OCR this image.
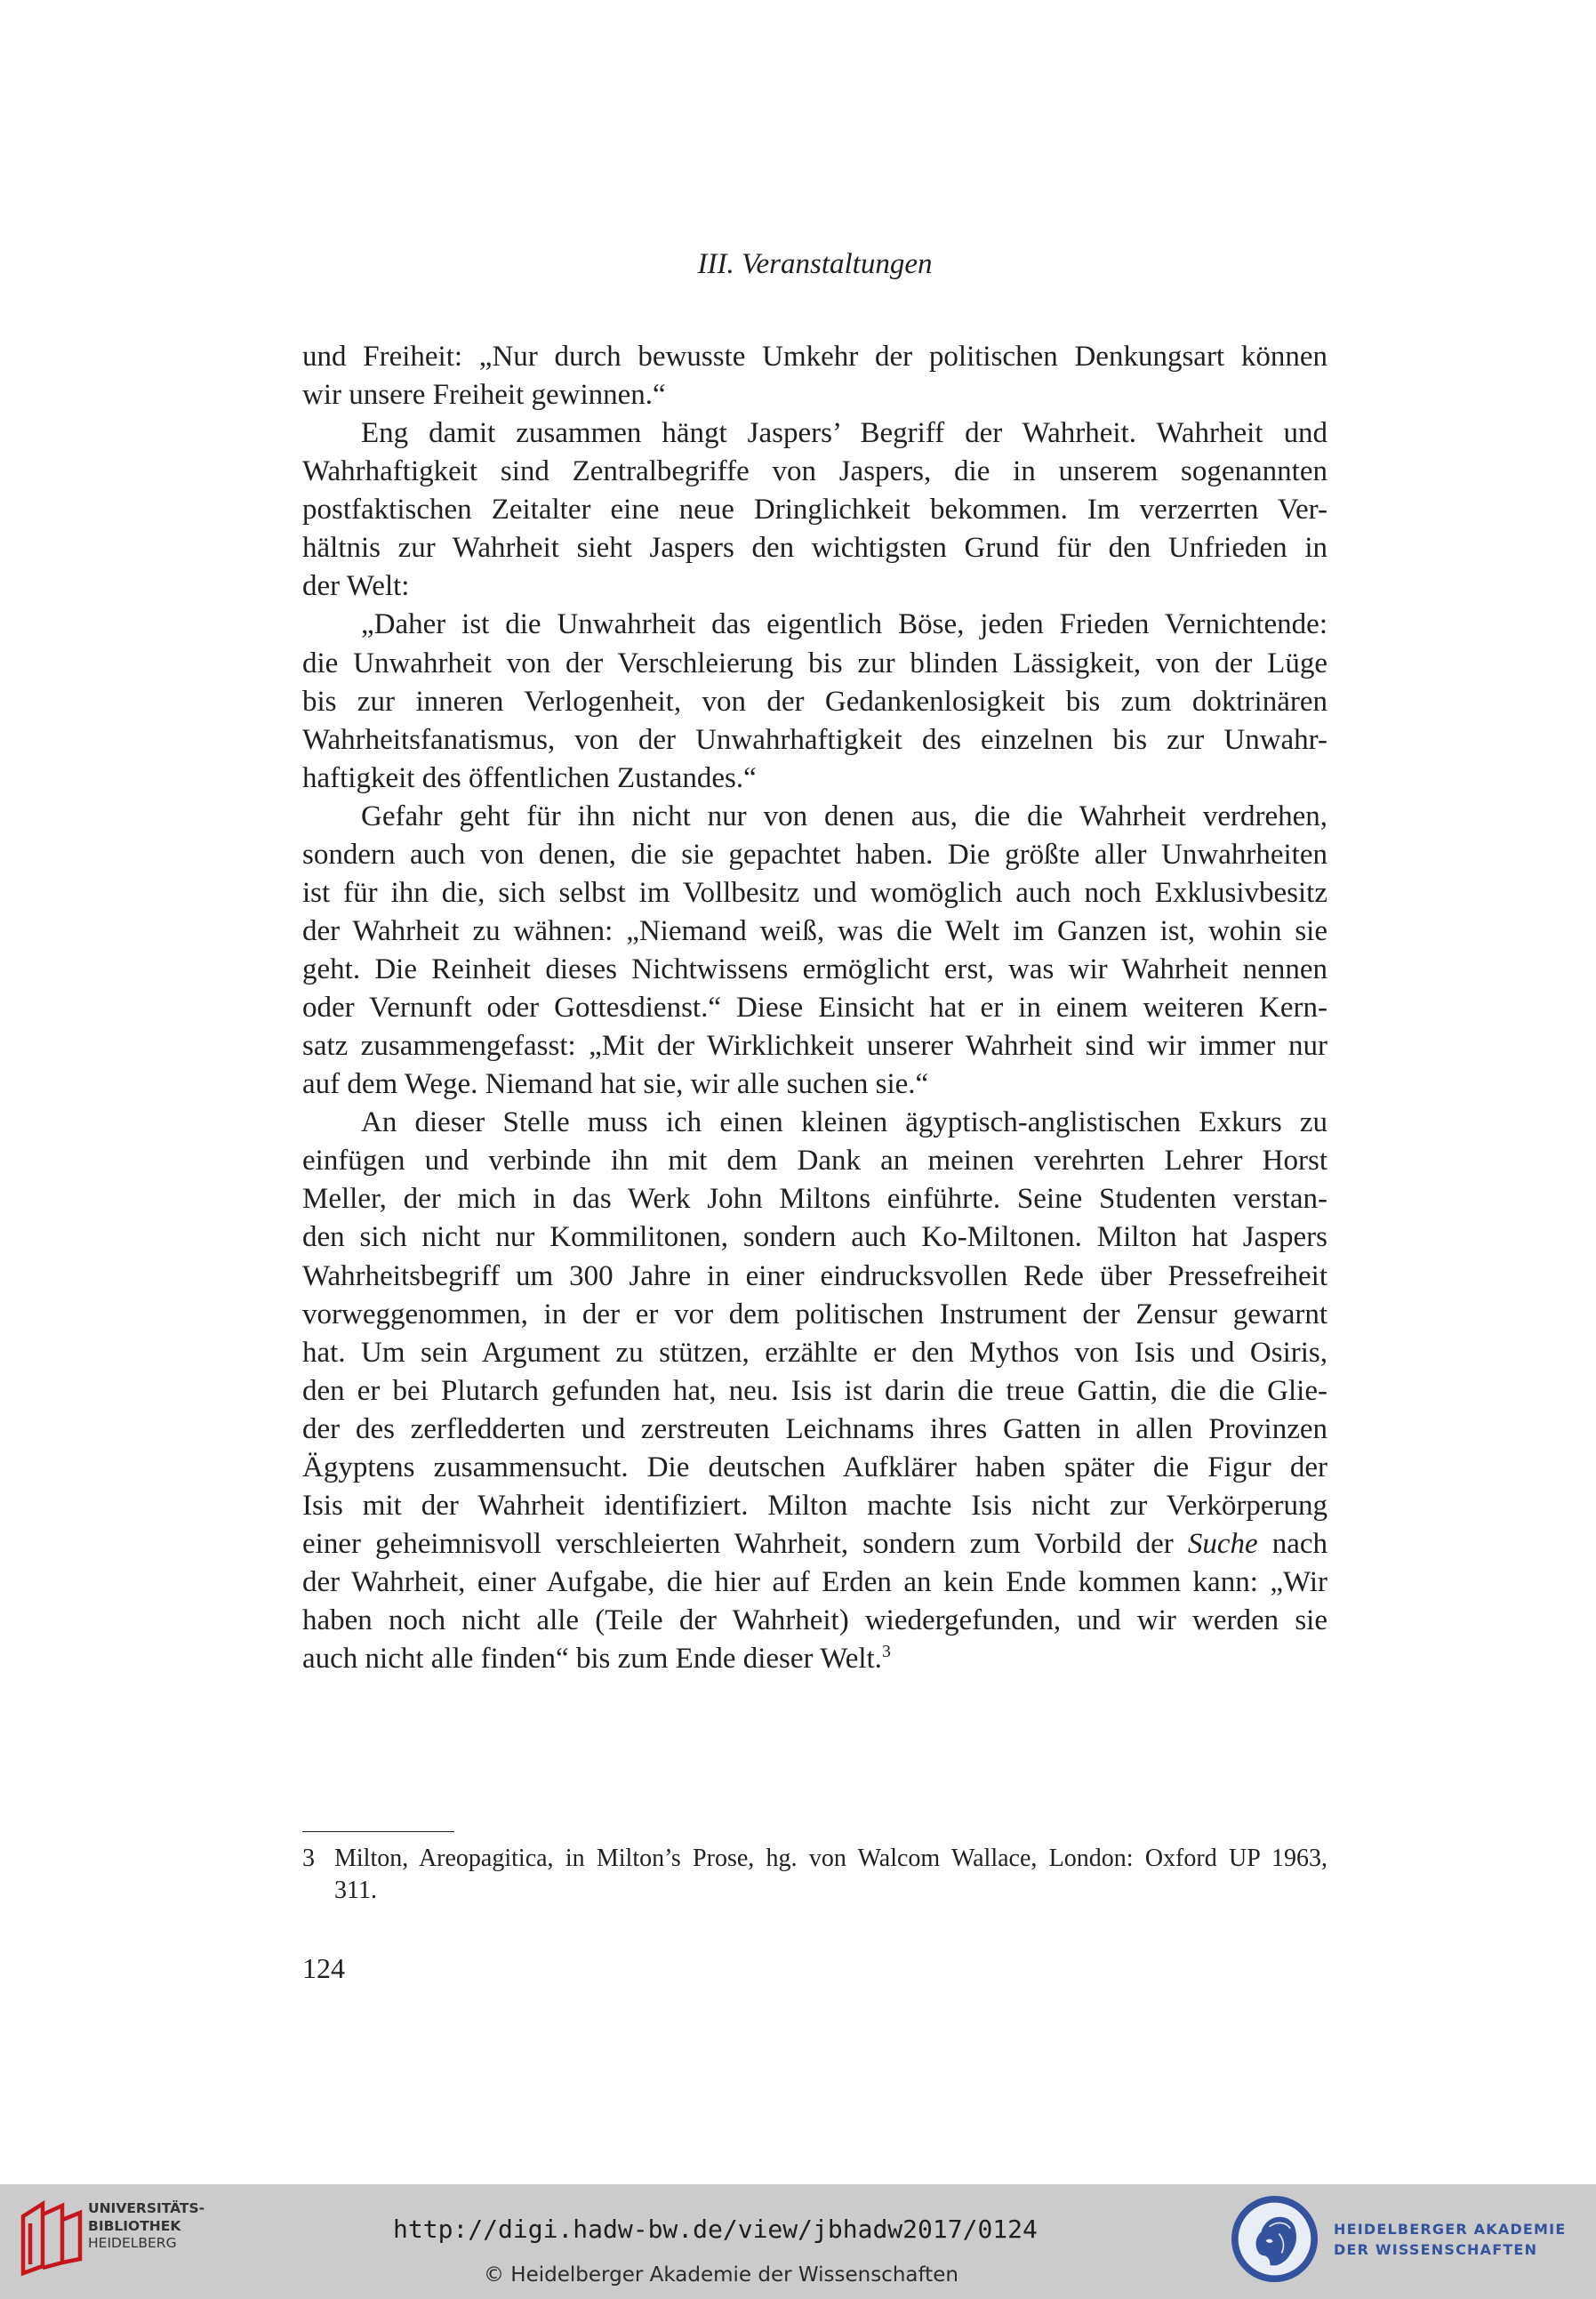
III. Veranstaltungen
und Freiheit: „Nur durch bewusste Umkehr der politischen Denkungsart können
wir unsere Freiheit gewinnen.“
Eng damit zusammen hängt Jaspers’ Begriff der Wahrheit. Wahrheit und
Wahrhaftigkeit sind Zentralbegriffe von Jaspers, die in unserem sogenannten
postfaktischen Zeitalter eine neue Dringlichkeit bekommen. Im verzerrten Ver-
hältnis zur Wahrheit sieht Jaspers den wichtigsten Grund für den Unfrieden in
der Welt:
„Daher ist die Unwahrheit das eigentlich Böse, jeden Frieden Vernichtende:
die Unwahrheit von der Verschleierung bis zur blinden Lässigkeit, von der Lüge
bis zur inneren Verlogenheit, von der Gedankenlosigkeit bis zum doktrinären
Wahrheitsfanatismus, von der Unwahrhaftigkeit des einzelnen bis zur Unwahr-
haftigkeit des öffentlichen Zustandes.“
Gefahr geht für ihn nicht nur von denen aus, die die Wahrheit verdrehen,
sondern auch von denen, die sie gepachtet haben. Die größte aller Unwahrheiten
ist für ihn die, sich selbst im Vollbesitz und womöglich auch noch Exklusivbesitz
der Wahrheit zu wähnen: „Niemand weiß, was die Welt im Ganzen ist, wohin sie
geht. Die Reinheit dieses Nichtwissens ermöglicht erst, was wir Wahrheit nennen
oder Vernunft oder Gottesdienst.“ Diese Einsicht hat er in einem weiteren Kern-
satz zusammengefasst: „Mit der Wirklichkeit unserer Wahrheit sind wir immer nur
auf dem Wege. Niemand hat sie, wir alle suchen sie.“
An dieser Stelle muss ich einen kleinen ägyptisch-anglistischen Exkurs zu
einfügen und verbinde ihn mit dem Dank an meinen verehrten Lehrer Horst
Meller, der mich in das Werk John Miltons einführte. Seine Studenten verstan-
den sich nicht nur Kommilitonen, sondern auch Ko-Miltonen. Milton hat Jaspers
Wahrheitsbegriff um 300 Jahre in einer eindrucksvollen Rede über Pressefreiheit
vorweggenommen, in der er vor dem politischen Instrument der Zensur gewarnt
hat. Um sein Argument zu stützen, erzählte er den Mythos von Isis und Osiris,
den er bei Plutarch gefunden hat, neu. Isis ist darin die treue Gattin, die die Glie-
der des zerfledderten und zerstreuten Leichnams ihres Gatten in allen Provinzen
Ägyptens zusammensucht. Die deutschen Aufklärer haben später die Figur der
Isis mit der Wahrheit identifiziert. Milton machte Isis nicht zur Verkörperung
einer geheimnisvoll verschleierten Wahrheit, sondern zum Vorbild der Suche nach
der Wahrheit, einer Aufgabe, die hier auf Erden an kein Ende kommen kann: „Wir
haben noch nicht alle (Teile der Wahrheit) wiedergefunden, und wir werden sie
auch nicht alle finden“ bis zum Ende dieser Welt.$^3$
3 Milton, Areopagitica, in Milton’s Prose, hg. von Walcom Wallace, London: Oxford UP 1963,
311.
124
UNIVERSITÄTS-
BIBLIOTHEK
HEIDELBERG	http://digi.hadw-bw.de/view/jbhadw2017/0124
© Heidelberger Akademie der Wissenschaften
HEIDELBERGER AKADEMIE
DER WISSENSCHAFTEN
